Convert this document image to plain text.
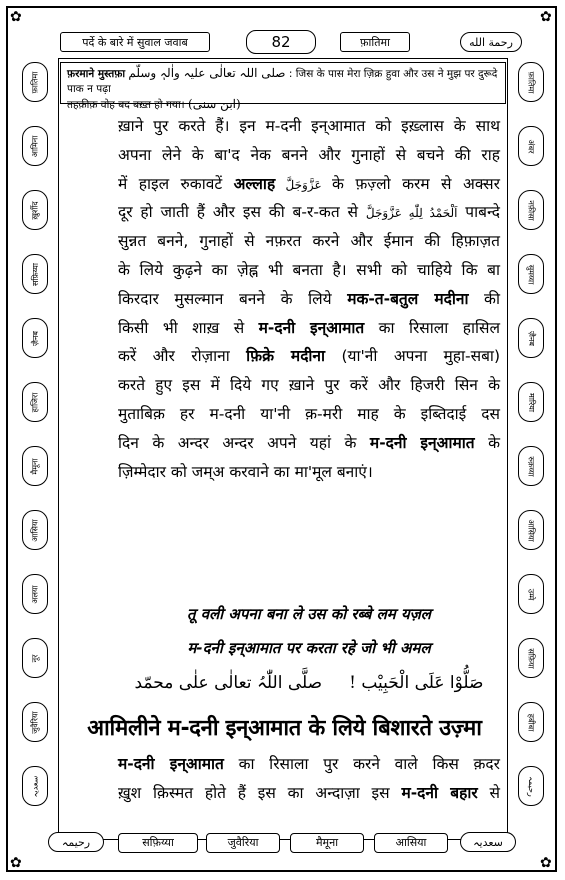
✿	✿
✿	✿
पर्दे के बारे में सुवाल जवाब	82	फ़ातिमा	رحمة الله
फ़ातिमा
आमिना
ख़ुर्शीद
सफ़िय्या
ज़ैनब
हाजिरा
मैमूना
आसिया
अलया
नूर
जुवैरिया
سعدیہ
फ़ातिमा
अंबर
नफ़ीसा
सुमय्या
ज़ैनब
मारिया
रुक़य्या
आसिया
उम्मे
सफ़िया
हबीबा
رحیمہ
फ़रमाने मुस्तफ़ा صلی اللہ تعالٰی علیہ واٰلہٖ وسلّم : जिस के पास मेरा ज़िक्र हुवा और उस ने मुझ पर दुरूदे पाक न पढ़ा
तहक़ीक़ वोह बद बख़्त हो गया। (ابن سنی)
ख़ाने पुर करते हैं। इन म-दनी इन्आमात को इख़्लास के साथ
अपना लेने के बा'द नेक बनने और गुनाहों से बचने की राह
में हाइल रुकावटें अल्लाह عَزَّوَجَلَّ के फ़ज़्लो करम से अक्सर
दूर हो जाती हैं और इस की ब-र-कत से اَلْحَمْدُ لِلّٰهِ عَزَّوَجَلَّ पाबन्दे
सुन्नत बनने, गुनाहों से नफ़रत करने और ईमान की हिफ़ाज़त
के लिये कुढ़ने का ज़ेह्न भी बनता है। सभी को चाहिये कि बा
किरदार मुसल्मान बनने के लिये मक-त-बतुल मदीना की
किसी भी शाख़ से म-दनी इन्आमात का रिसाला हासिल
करें और रोज़ाना फ़िक्रे मदीना (या'नी अपना मुहा-सबा)
करते हुए इस में दिये गए ख़ाने पुर करें और हिजरी सिन के
मुताबिक़ हर म-दनी या'नी क़-मरी माह के इब्तिदाई दस
दिन के अन्दर अन्दर अपने यहां के म-दनी इन्आमात के
ज़िम्मेदार को जम्अ करवाने का मा'मूल बनाएं।
तू वली अपना बना ले उस को रब्बे लम यज़ल
म-दनी इन्आमात पर करता रहे जो भी अमल
صَلُّوْا عَلَی الْحَبِیْب !     صلَّی اللّٰہُ تعالٰی علٰی محمّد
आमिलीने म-दनी इन्आमात के लिये बिशारते उज़्मा
म-दनी इन्आमात का रिसाला पुर करने वाले किस क़दर
ख़ुश क़िस्मत होते हैं इस का अन्दाज़ा इस म-दनी बहार से
رحیمہ	सफ़िय्या	जुवैरिया	मैमूना	आसिया	سعدیہ
